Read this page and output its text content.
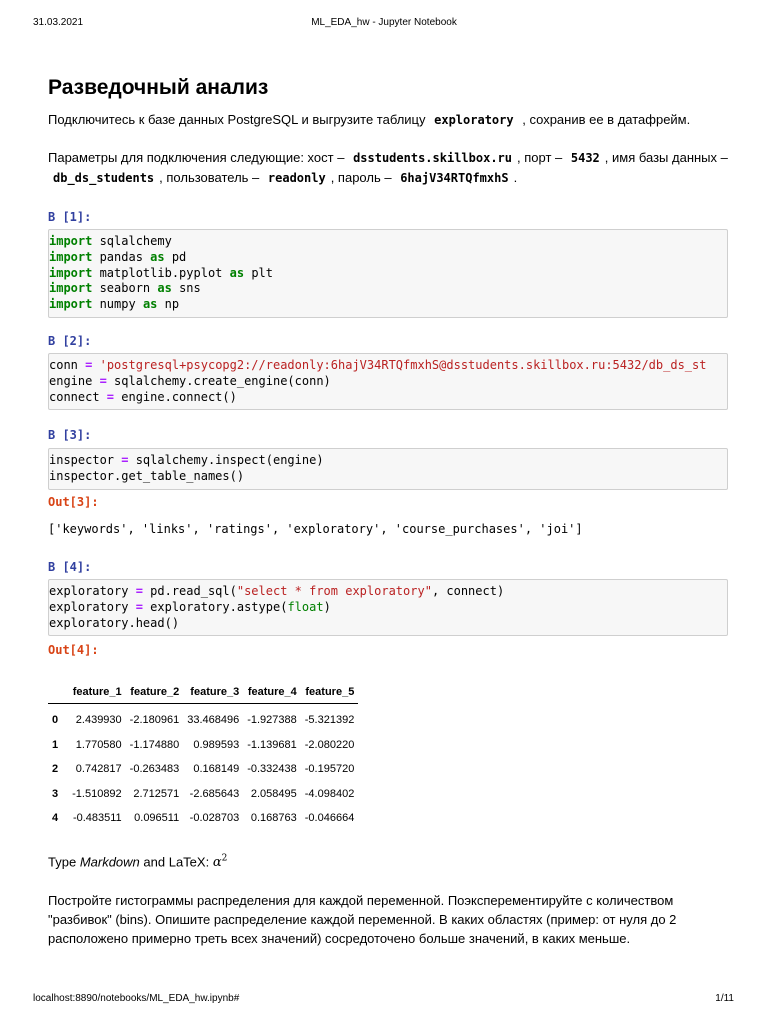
31.03.2021	ML_EDA_hw - Jupyter Notebook
Разведочный анализ

Подключитесь к базе данных PostgreSQL и выгрузите таблицу exploratory , сохранив ее в датафрейм.

Параметры для подключения следующие: хост – dsstudents.skillbox.ru , порт – 5432 , имя базы данных – db_ds_students , пользователь – readonly , пароль – 6hajV34RTQfmxhS .

В [1]:
import sqlalchemy
import pandas as pd
import matplotlib.pyplot as plt
import seaborn as sns
import numpy as np
В [2]:
conn = 'postgresql+psycopg2://readonly:6hajV34RTQfmxhS@dsstudents.skillbox.ru:5432/db_ds_st
engine = sqlalchemy.create_engine(conn)
connect = engine.connect()
В [3]:
inspector = sqlalchemy.inspect(engine)
inspector.get_table_names()
Out[3]:
['keywords', 'links', 'ratings', 'exploratory', 'course_purchases', 'joi']
В [4]:
exploratory = pd.read_sql("select * from exploratory", connect)
exploratory = exploratory.astype(float)
exploratory.head()
Out[4]:
	feature_1	feature_2	feature_3	feature_4	feature_5
0	2.439930	-2.180961	33.468496	-1.927388	-5.321392
1	1.770580	-1.174880	0.989593	-1.139681	-2.080220
2	0.742817	-0.263483	0.168149	-0.332438	-0.195720
3	-1.510892	2.712571	-2.685643	2.058495	-4.098402
4	-0.483511	0.096511	-0.028703	0.168763	-0.046664

Type Markdown and LaTeX: $\alpha^2$

Постройте гистограммы распределения для каждой переменной. Поэксперементируйте с количеством "разбивок" (bins). Опишите распределение каждой переменной. В каких областях (пример: от нуля до 2 расположено примерно треть всех значений) сосредоточено больше значений, в каких меньше.

localhost:8890/notebooks/ML_EDA_hw.ipynb#	1/11
